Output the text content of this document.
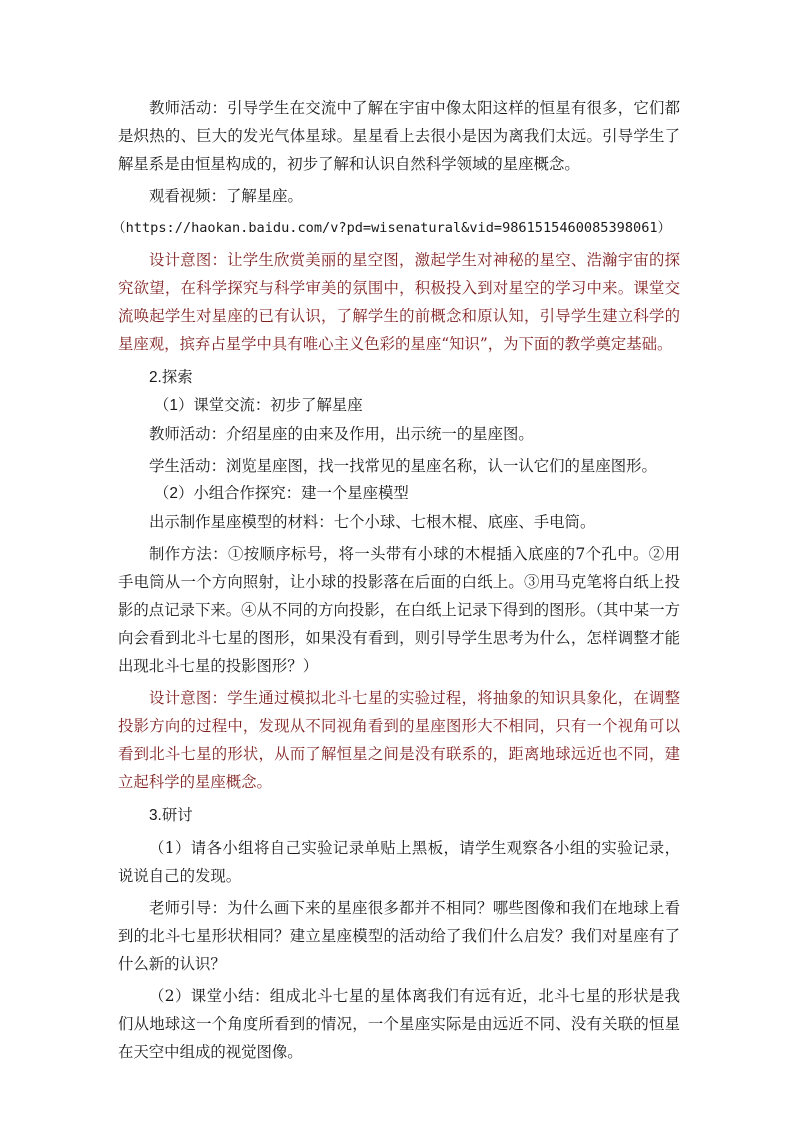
教师活动：引导学生在交流中了解在宇宙中像太阳这样的恒星有很多，它们都是炽热的、巨大的发光气体星球。星星看上去很小是因为离我们太远。引导学生了解星系是由恒星构成的，初步了解和认识自然科学领域的星座概念。

观看视频：了解星座。

（https://haokan.baidu.com/v?pd=wisenatural&vid=9861515460085398061）

设计意图：让学生欣赏美丽的星空图，激起学生对神秘的星空、浩瀚宇宙的探究欲望，在科学探究与科学审美的氛围中，积极投入到对星空的学习中来。课堂交流唤起学生对星座的已有认识，了解学生的前概念和原认知，引导学生建立科学的星座观，摈弃占星学中具有唯心主义色彩的星座“知识”，为下面的教学奠定基础。

2.探索
（1）课堂交流：初步了解星座

教师活动：介绍星座的由来及作用，出示统一的星座图。

学生活动：浏览星座图，找一找常见的星座名称，认一认它们的星座图形。

（2）小组合作探究：建一个星座模型

出示制作星座模型的材料：七个小球、七根木棍、底座、手电筒。

制作方法：①按顺序标号，将一头带有小球的木棍插入底座的7个孔中。②用手电筒从一个方向照射，让小球的投影落在后面的白纸上。③用马克笔将白纸上投影的点记录下来。④从不同的方向投影，在白纸上记录下得到的图形。（其中某一方向会看到北斗七星的图形，如果没有看到，则引导学生思考为什么，怎样调整才能出现北斗七星的投影图形？）

设计意图：学生通过模拟北斗七星的实验过程，将抽象的知识具象化，在调整投影方向的过程中，发现从不同视角看到的星座图形大不相同，只有一个视角可以看到北斗七星的形状，从而了解恒星之间是没有联系的，距离地球远近也不同，建立起科学的星座概念。

3.研讨

（1）请各小组将自己实验记录单贴上黑板，请学生观察各小组的实验记录，说说自己的发现。

老师引导：为什么画下来的星座很多都并不相同？哪些图像和我们在地球上看到的北斗七星形状相同？建立星座模型的活动给了我们什么启发？我们对星座有了什么新的认识？

（2）课堂小结：组成北斗七星的星体离我们有远有近，北斗七星的形状是我们从地球这一个角度所看到的情况，一个星座实际是由远近不同、没有关联的恒星在天空中组成的视觉图像。
